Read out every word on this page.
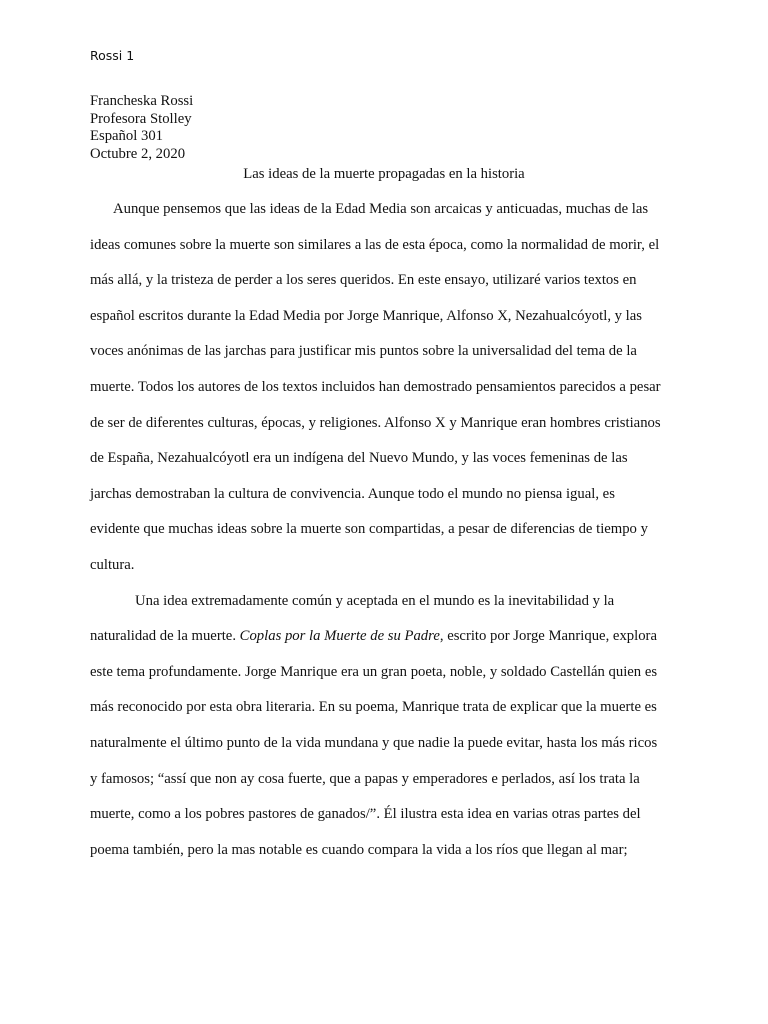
Rossi 1
Francheska Rossi
Profesora Stolley
Español 301
Octubre 2, 2020
Las ideas de la muerte propagadas en la historia
Aunque pensemos que las ideas de la Edad Media son arcaicas y anticuadas, muchas de las
ideas comunes sobre la muerte son similares a las de esta época, como la normalidad de morir, el
más allá, y la tristeza de perder a los seres queridos. En este ensayo, utilizaré varios textos en
español escritos durante la Edad Media por Jorge Manrique, Alfonso X, Nezahualcóyotl, y las
voces anónimas de las jarchas para justificar mis puntos sobre la universalidad del tema de la
muerte. Todos los autores de los textos incluidos han demostrado pensamientos parecidos a pesar
de ser de diferentes culturas, épocas, y religiones. Alfonso X y Manrique eran hombres cristianos
de España, Nezahualcóyotl era un indígena del Nuevo Mundo, y las voces femeninas de las
jarchas demostraban la cultura de convivencia. Aunque todo el mundo no piensa igual, es
evidente que muchas ideas sobre la muerte son compartidas, a pesar de diferencias de tiempo y
cultura.
Una idea extremadamente común y aceptada en el mundo es la inevitabilidad y la
naturalidad de la muerte. Coplas por la Muerte de su Padre, escrito por Jorge Manrique, explora
este tema profundamente. Jorge Manrique era un gran poeta, noble, y soldado Castellán quien es
más reconocido por esta obra literaria. En su poema, Manrique trata de explicar que la muerte es
naturalmente el último punto de la vida mundana y que nadie la puede evitar, hasta los más ricos
y famosos; “assí que non ay cosa fuerte, que a papas y emperadores e perlados, así los trata la
muerte, como a los pobres pastores de ganados/”. Él ilustra esta idea en varias otras partes del
poema también, pero la mas notable es cuando compara la vida a los ríos que llegan al mar;
